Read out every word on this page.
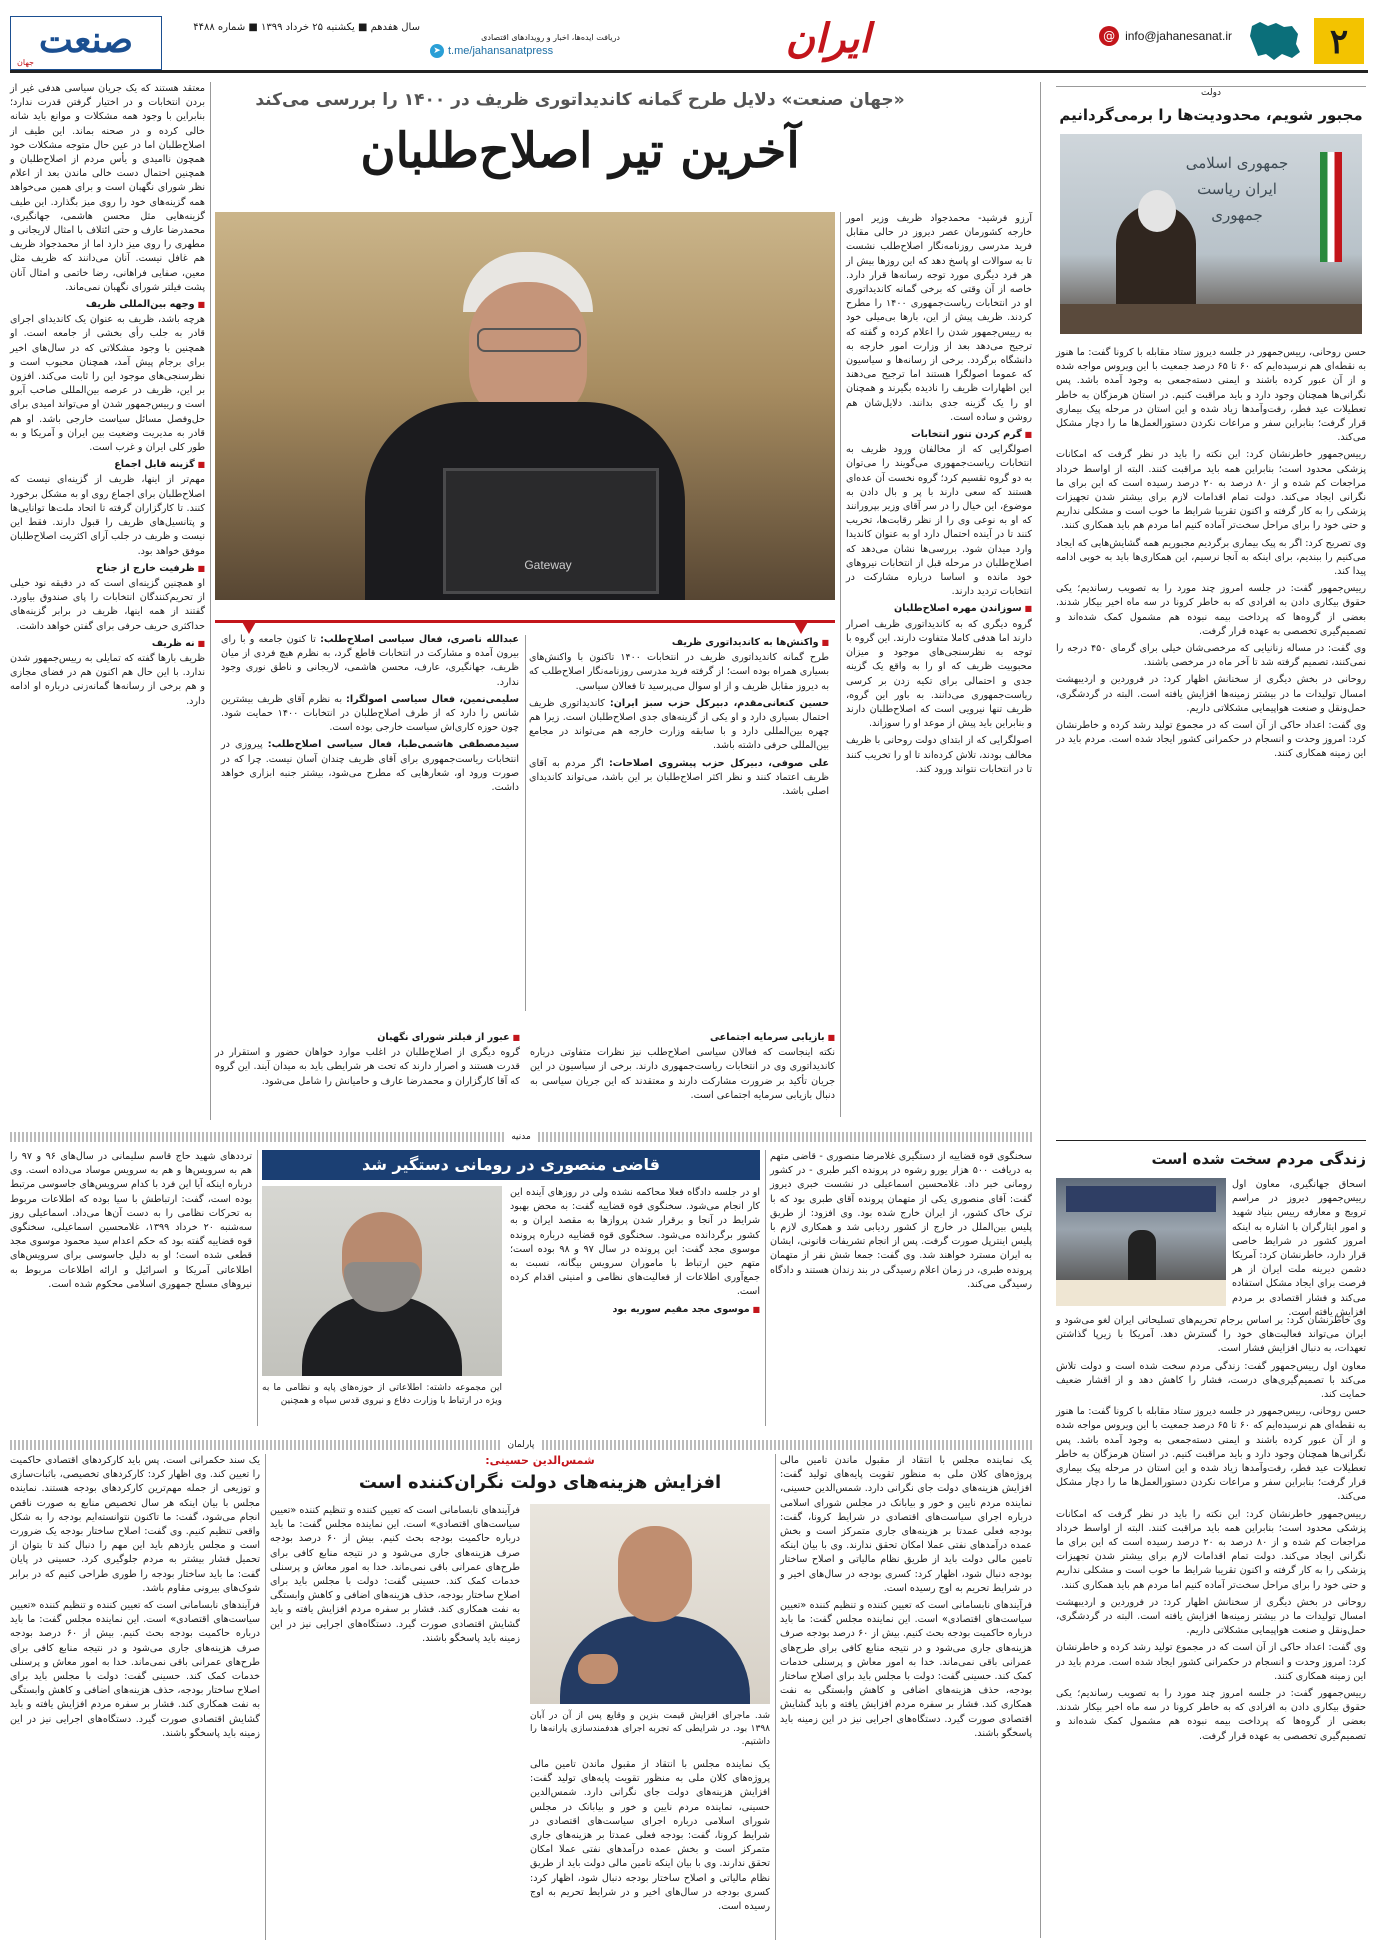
۲
@ info@jahanesanat.ir
ایران
دریافت ایده‌ها، اخبار و رویدادهای اقتصادی
➤ t.me/jahansanatpress
سال هفدهم ■ یکشنبه ۲۵ خرداد ۱۳۹۹ ■ شماره ۴۴۸۸
صنعت
جهان
دولت
مجبور شویم، محدودیت‌ها را برمی‌گردانیم
جمهوری اسلامی ایران ریاست جمهوری

حسن روحانی، رییس‌جمهور در جلسه دیروز ستاد مقابله با کرونا گفت: ما هنوز به نقطه‌ای هم نرسیده‌ایم که ۶۰ تا ۶۵ درصد جمعیت با این ویروس مواجه شده و از آن عبور کرده باشند و ایمنی دسته‌جمعی به وجود آمده باشد. پس نگرانی‌ها همچنان وجود دارد و باید مراقبت کنیم. در استان هرمزگان به خاطر تعطیلات عید فطر، رفت‌وآمدها زیاد شده و این استان در مرحله پیک بیماری قرار گرفت؛ بنابراین سفر و مراعات نکردن دستورالعمل‌ها ما را دچار مشکل می‌کند.

رییس‌جمهور خاطرنشان کرد: این نکته را باید در نظر گرفت که امکانات پزشکی محدود است؛ بنابراین همه باید مراقبت کنند. البته از اواسط خرداد مراجعات کم شده و از ۸۰ درصد به ۲۰ درصد رسیده است که این برای ما نگرانی ایجاد می‌کند. دولت تمام اقدامات لازم برای بیشتر شدن تجهیزات پزشکی را به کار گرفته و اکنون تقریبا شرایط ما خوب است و مشکلی نداریم و حتی خود را برای مراحل سخت‌تر آماده کنیم اما مردم هم باید همکاری کنند.

وی تصریح کرد: اگر به پیک بیماری برگردیم مجبوریم همه گشایش‌هایی که ایجاد می‌کنیم را ببندیم، برای اینکه به آنجا نرسیم، این همکاری‌ها باید به خوبی ادامه پیدا کند.

رییس‌جمهور گفت: در جلسه امروز چند مورد را به تصویب رساندیم؛ یکی حقوق بیکاری دادن به افرادی که به خاطر کرونا در سه ماه اخیر بیکار شدند. بعضی از گروه‌ها که پرداخت بیمه نبوده هم مشمول کمک شده‌اند و تصمیم‌گیری تخصصی به عهده قرار گرفت.

وی گفت: در مساله زنانیایی که مرخصی‌شان خیلی برای گرمای ۴۵۰ درجه را نمی‌کنند، تصمیم گرفته شد تا آخر ماه در مرخصی باشند.

روحانی در بخش دیگری از سخنانش اظهار کرد: در فروردین و اردیبهشت امسال تولیدات ما در بیشتر زمینه‌ها افزایش یافته است. البته در گردشگری، حمل‌ونقل و صنعت هواپیمایی مشکلاتی داریم.

وی گفت: اعداد حاکی از آن است که در مجموع تولید رشد کرده و خاطرنشان کرد: امروز وحدت و انسجام در حکمرانی کشور ایجاد شده است. مردم باید در این زمینه همکاری کنند.

زندگی مردم سخت شده است

اسحاق جهانگیری، معاون اول رییس‌جمهور دیروز در مراسم ترویج و معارفه رییس بنیاد شهید و امور ایثارگران با اشاره به اینکه امروز کشور در شرایط خاصی قرار دارد، خاطرنشان کرد: آمریکا دشمن دیرینه ملت ایران از هر فرصت برای ایجاد مشکل استفاده می‌کند و فشار اقتصادی بر مردم افزایش یافته است.

وی خاطرنشان کرد: بر اساس برجام تحریم‌های تسلیحاتی ایران لغو می‌شود و ایران می‌تواند فعالیت‌های خود را گسترش دهد. آمریکا با زیرپا گذاشتن تعهدات، به دنبال افزایش فشار است.

معاون اول رییس‌جمهور گفت: زندگی مردم سخت شده است و دولت تلاش می‌کند با تصمیم‌گیری‌های درست، فشار را کاهش دهد و از اقشار ضعیف حمایت کند.

حسن روحانی، رییس‌جمهور در جلسه دیروز ستاد مقابله با کرونا گفت: ما هنوز به نقطه‌ای هم نرسیده‌ایم که ۶۰ تا ۶۵ درصد جمعیت با این ویروس مواجه شده و از آن عبور کرده باشند و ایمنی دسته‌جمعی به وجود آمده باشد. پس نگرانی‌ها همچنان وجود دارد و باید مراقبت کنیم. در استان هرمزگان به خاطر تعطیلات عید فطر، رفت‌وآمدها زیاد شده و این استان در مرحله پیک بیماری قرار گرفت؛ بنابراین سفر و مراعات نکردن دستورالعمل‌ها ما را دچار مشکل می‌کند.

رییس‌جمهور خاطرنشان کرد: این نکته را باید در نظر گرفت که امکانات پزشکی محدود است؛ بنابراین همه باید مراقبت کنند. البته از اواسط خرداد مراجعات کم شده و از ۸۰ درصد به ۲۰ درصد رسیده است که این برای ما نگرانی ایجاد می‌کند. دولت تمام اقدامات لازم برای بیشتر شدن تجهیزات پزشکی را به کار گرفته و اکنون تقریبا شرایط ما خوب است و مشکلی نداریم و حتی خود را برای مراحل سخت‌تر آماده کنیم اما مردم هم باید همکاری کنند.

روحانی در بخش دیگری از سخنانش اظهار کرد: در فروردین و اردیبهشت امسال تولیدات ما در بیشتر زمینه‌ها افزایش یافته است. البته در گردشگری، حمل‌ونقل و صنعت هواپیمایی مشکلاتی داریم.

وی گفت: اعداد حاکی از آن است که در مجموع تولید رشد کرده و خاطرنشان کرد: امروز وحدت و انسجام در حکمرانی کشور ایجاد شده است. مردم باید در این زمینه همکاری کنند.

رییس‌جمهور گفت: در جلسه امروز چند مورد را به تصویب رساندیم؛ یکی حقوق بیکاری دادن به افرادی که به خاطر کرونا در سه ماه اخیر بیکار شدند. بعضی از گروه‌ها که پرداخت بیمه نبوده هم مشمول کمک شده‌اند و تصمیم‌گیری تخصصی به عهده قرار گرفت.

«جهان صنعت» دلایل طرح گمانه کاندیداتوری ظریف در ۱۴۰۰ را بررسی می‌کند
آخرین تیر اصلاح‌طلبان
Gateway

آرزو فرشید- محمدجواد ظریف وزیر امور خارجه کشورمان عصر دیروز در حالی مقابل فرید مدرسی روزنامه‌نگار اصلاح‌طلب نشست تا به سوالات او پاسخ دهد که این روزها بیش از هر فرد دیگری مورد توجه رسانه‌ها قرار دارد. خاصه از آن وقتی که برخی گمانه کاندیداتوری او در انتخابات ریاست‌جمهوری ۱۴۰۰ را مطرح کردند. ظریف پیش از این، بارها بی‌میلی خود به رییس‌جمهور شدن را اعلام کرده و گفته که ترجیح می‌دهد بعد از وزارت امور خارجه به دانشگاه برگردد. برخی از رسانه‌ها و سیاسیون که عموما اصولگرا هستند اما ترجیح می‌دهند این اظهارات ظریف را نادیده بگیرند و همچنان او را یک گزینه جدی بدانند. دلایل‌شان هم روشن و ساده است.

■ گرم کردن تنور انتخابات

اصولگرایی که از مخالفان ورود ظریف به انتخابات ریاست‌جمهوری می‌گویند را می‌توان به دو گروه تقسیم کرد؛ گروه نخست آن عده‌ای هستند که سعی دارند با پر و بال دادن به موضوع، این خیال را در سر آقای وزیر بپرورانند که او به نوعی وی را از نظر رقابت‌ها، تخریب کنند تا در آینده احتمال دارد او به عنوان کاندیدا وارد میدان شود. بررسی‌ها نشان می‌دهد که اصلاح‌طلبان در مرحله قبل از انتخابات نیروهای خود مانده و اساسا درباره مشارکت در انتخابات تردید دارند.

■ سوزاندن مهره اصلاح‌طلبان

گروه دیگری که به کاندیداتوری ظریف اصرار دارند اما هدفی کاملا متفاوت دارند. این گروه با توجه به نظرسنجی‌های موجود و میزان محبوبیت ظریف که او را به واقع یک گزینه جدی و احتمالی برای تکیه زدن بر کرسی ریاست‌جمهوری می‌دانند. به باور این گروه، ظریف تنها نیرویی است که اصلاح‌طلبان دارند و بنابراین باید پیش از موعد او را سوزاند.

اصولگرایی که از ابتدای دولت روحانی با ظریف مخالف بودند، تلاش کرده‌اند تا او را تخریب کنند تا در انتخابات نتواند ورود کند.

معتقد هستند که یک جریان سیاسی هدفی غیر از بردن انتخابات و در اختیار گرفتن قدرت ندارد؛ بنابراین با وجود همه مشکلات و موانع باید شانه خالی کرده و در صحنه بماند. این طیف از اصلاح‌طلبان اما در عین حال متوجه مشکلات خود همچون ناامیدی و یأس مردم از اصلاح‌طلبان و همچنین احتمال دست خالی ماندن بعد از اعلام نظر شورای نگهبان است و برای همین می‌خواهد همه گزینه‌های خود را روی میز بگذارد. این طیف گزینه‌هایی مثل محسن هاشمی، جهانگیری، محمدرضا عارف و حتی ائتلاف با امثال لاریجانی و مطهری را روی میز دارد اما از محمدجواد ظریف هم غافل نیست. آنان می‌دانند که ظریف مثل معین، صفایی فراهانی، رضا خاتمی و امثال آنان پشت فیلتر شورای نگهبان نمی‌ماند.

■ وجهه بین‌المللی ظریف

هرچه باشد، ظریف به عنوان یک کاندیدای اجرای قادر به جلب رأی بخشی از جامعه است. او همچنین با وجود مشکلاتی که در سال‌های اخیر برای برجام پیش آمد، همچنان محبوب است و نظرسنجی‌های موجود این را ثابت می‌کند. افزون بر این، ظریف در عرصه بین‌المللی صاحب آبرو است و رییس‌جمهور شدن او می‌تواند امیدی برای حل‌وفصل مسائل سیاست خارجی باشد. او هم قادر به مدیریت وضعیت بین ایران و آمریکا و به طور کلی ایران و غرب است.

■ گزینه قابل اجماع

مهم‌تر از اینها، ظریف از گزینه‌ای نیست که اصلاح‌طلبان برای اجماع روی او به مشکل برخورد کنند. تا کارگزاران گرفته تا اتحاد ملت‌ها توانایی‌ها و پتانسیل‌های ظریف را قبول دارند. فقط این نیست و ظریف در جلب آرای اکثریت اصلاح‌طلبان موفق خواهد بود.

■ ظرفیت خارج از جناح

او همچنین گزینه‌ای است که در دقیقه نود خیلی از تحریم‌کنندگان انتخابات را پای صندوق بیاورد. گفتند از همه اینها، ظریف در برابر گزینه‌های حداکثری حریف حرفی برای گفتن خواهد داشت.

■ نه ظریف

ظریف بارها گفته که تمایلی به رییس‌جمهور شدن ندارد. با این حال هم اکنون هم در فضای مجازی و هم برخی از رسانه‌ها گمانه‌زنی درباره او ادامه دارد.

■ واکنش‌ها به کاندیداتوری ظریف

طرح گمانه کاندیداتوری ظریف در انتخابات ۱۴۰۰ تاکنون با واکنش‌های بسیاری همراه بوده است؛ از گرفته فرید مدرسی روزنامه‌نگار اصلاح‌طلب که به دیروز مقابل ظریف و از او سوال می‌پرسید تا فعالان سیاسی.

حسین کنعانی‌مقدم، دبیرکل حزب سبز ایران: کاندیداتوری ظریف احتمال بسیاری دارد و او یکی از گزینه‌های جدی اصلاح‌طلبان است. زیرا هم چهره بین‌المللی دارد و با سابقه وزارت خارجه هم می‌تواند در مجامع بین‌المللی حرفی داشته باشد.

علی صوفی، دبیرکل حزب پیشروی اصلاحات: اگر مردم به آقای ظریف اعتماد کنند و نظر اکثر اصلاح‌طلبان بر این باشد، می‌تواند کاندیدای اصلی باشد.

عبدالله ناصری، فعال سیاسی اصلاح‌طلب: تا کنون جامعه و با رای بیرون آمده و مشارکت در انتخابات قاطع گرد، به نظرم هیچ فردی از میان ظریف، جهانگیری، عارف، محسن هاشمی، لاریجانی و ناطق نوری وجود ندارد.

سلیمی‌نمین، فعال سیاسی اصولگرا: به نظرم آقای ظریف بیشترین شانس را دارد که از طرف اصلاح‌طلبان در انتخابات ۱۴۰۰ حمایت شود. چون حوزه کاری‌اش سیاست خارجی بوده است.

سیدمصطفی هاشمی‌طبا، فعال سیاسی اصلاح‌طلب: پیروزی در انتخابات ریاست‌جمهوری برای آقای ظریف چندان آسان نیست. چرا که در صورت ورود او، شعارهایی که مطرح می‌شود، بیشتر جنبه ابزاری خواهد داشت.

■ بازیابی سرمایه اجتماعی

نکته اینجاست که فعالان سیاسی اصلاح‌طلب نیز نظرات متفاوتی درباره کاندیداتوری وی در انتخابات ریاست‌جمهوری دارند. برخی از سیاسیون در این جریان تأکید بر ضرورت مشارکت دارند و معتقدند که این جریان سیاسی به دنبال بازیابی سرمایه اجتماعی است.

■ عبور از فیلتر شورای نگهبان

گروه دیگری از اصلاح‌طلبان در اغلب موارد خواهان حضور و استقرار در قدرت هستند و اصرار دارند که تحت هر شرایطی باید به میدان آیند. این گروه که آقا کارگزاران و محمدرضا عارف و حامیانش را شامل می‌شود.

مدنیه
قاضی منصوری در رومانی دستگیر شد
این مجموعه داشته: اطلاعاتی از حوزه‌های پایه و نظامی ما به ویژه در ارتباط با وزارت دفاع و نیروی قدس سپاه و همچنین

او در جلسه دادگاه فعلا محاکمه نشده ولی در روزهای آینده این کار انجام می‌شود. سخنگوی قوه قضاییه گفت: به محض بهبود شرایط در آنجا و برقرار شدن پروازها به مقصد ایران و به کشور برگردانده می‌شود. سخنگوی قوه قضاییه درباره پرونده موسوی مجد گفت: این پرونده در سال ۹۷ و ۹۸ بوده است؛ متهم حین ارتباط با ماموران سرویس بیگانه، نسبت به جمع‌آوری اطلاعات از فعالیت‌های نظامی و امنیتی اقدام کرده است.

■ موسوی مجد مقیم سوریه بود

سخنگوی قوه قضاییه از دستگیری غلامرضا منصوری - قاضی متهم به دریافت ۵۰۰ هزار یورو رشوه در پرونده اکبر طبری - در کشور رومانی خبر داد. غلامحسین اسماعیلی در نشست خبری دیروز گفت: آقای منصوری یکی از متهمان پرونده آقای طبری بود که با ترک خاک کشور، از ایران خارج شده بود. وی افزود: از طریق پلیس بین‌الملل در خارج از کشور ردیابی شد و همکاری لازم با پلیس اینترپل صورت گرفت. پس از انجام تشریفات قانونی، ایشان به ایران مسترد خواهند شد. وی گفت: جمعا شش نفر از متهمان پرونده طبری، در زمان اعلام رسیدگی در بند زندان هستند و دادگاه رسیدگی می‌کند.

ترددهای شهید حاج قاسم سلیمانی در سال‌های ۹۶ و ۹۷ را هم به سرویس‌ها و هم به سرویس موساد می‌داده است. وی درباره اینکه آیا این فرد با کدام سرویس‌های جاسوسی مرتبط بوده است، گفت: ارتباطش با سیا بوده که اطلاعات مربوط به تحرکات نظامی را به دست آن‌ها می‌داد. اسماعیلی روز سه‌شنبه ۲۰ خرداد ۱۳۹۹، غلامحسین اسماعیلی، سخنگوی قوه قضاییه گفته بود که حکم اعدام سید محمود موسوی مجد قطعی شده است؛ او به دلیل جاسوسی برای سرویس‌های اطلاعاتی آمریکا و اسرائیل و ارائه اطلاعات مربوط به نیروهای مسلح جمهوری اسلامی محکوم شده است.

پارلمان
شمس‌الدین حسینی:
افزایش هزینه‌های دولت نگران‌کننده است
شد. ماجرای افزایش قیمت بنزین و وقایع پس از آن در آبان ۱۳۹۸ بود. در شرایطی که تجربه اجرای هدفمندسازی یارانه‌ها را داشتیم.

یک نماینده مجلس با انتقاد از مقبول ماندن تامین مالی پروژه‌های کلان ملی به منظور تقویت پایه‌های تولید گفت: افزایش هزینه‌های دولت جای نگرانی دارد. شمس‌الدین حسینی، نماینده مردم نایین و خور و بیابانک در مجلس شورای اسلامی درباره اجرای سیاست‌های اقتصادی در شرایط کرونا، گفت: بودجه فعلی عمدتا بر هزینه‌های جاری متمرکز است و بخش عمده درآمدهای نفتی عملا امکان تحقق ندارند. وی با بیان اینکه تامین مالی دولت باید از طریق نظام مالیاتی و اصلاح ساختار بودجه دنبال شود، اظهار کرد: کسری بودجه در سال‌های اخیر و در شرایط تحریم به اوج رسیده است.

فرآیندهای نابسامانی است که تعیین کننده و تنظیم کننده «تعیین سیاست‌های اقتصادی» است. این نماینده مجلس گفت: ما باید درباره حاکمیت بودجه بحث کنیم. بیش از ۶۰ درصد بودجه صرف هزینه‌های جاری می‌شود و در نتیجه منابع کافی برای طرح‌های عمرانی باقی نمی‌ماند. خدا به امور معاش و پرسنلی خدمات کمک کند. حسینی گفت: دولت با مجلس باید برای اصلاح ساختار بودجه، حذف هزینه‌های اضافی و کاهش وابستگی به نفت همکاری کند. فشار بر سفره مردم افزایش یافته و باید گشایش اقتصادی صورت گیرد. دستگاه‌های اجرایی نیز در این زمینه باید پاسخگو باشند.

فرآیندهای نابسامانی است که تعیین کننده و تنظیم کننده «تعیین سیاست‌های اقتصادی» است. این نماینده مجلس گفت: ما باید درباره حاکمیت بودجه بحث کنیم. بیش از ۶۰ درصد بودجه صرف هزینه‌های جاری می‌شود و در نتیجه منابع کافی برای طرح‌های عمرانی باقی نمی‌ماند. خدا به امور معاش و پرسنلی خدمات کمک کند. حسینی گفت: دولت با مجلس باید برای اصلاح ساختار بودجه، حذف هزینه‌های اضافی و کاهش وابستگی به نفت همکاری کند. فشار بر سفره مردم افزایش یافته و باید گشایش اقتصادی صورت گیرد. دستگاه‌های اجرایی نیز در این زمینه باید پاسخگو باشند.

یک نماینده مجلس با انتقاد از مقبول ماندن تامین مالی پروژه‌های کلان ملی به منظور تقویت پایه‌های تولید گفت: افزایش هزینه‌های دولت جای نگرانی دارد. شمس‌الدین حسینی، نماینده مردم نایین و خور و بیابانک در مجلس شورای اسلامی درباره اجرای سیاست‌های اقتصادی در شرایط کرونا، گفت: بودجه فعلی عمدتا بر هزینه‌های جاری متمرکز است و بخش عمده درآمدهای نفتی عملا امکان تحقق ندارند. وی با بیان اینکه تامین مالی دولت باید از طریق نظام مالیاتی و اصلاح ساختار بودجه دنبال شود، اظهار کرد: کسری بودجه در سال‌های اخیر و در شرایط تحریم به اوج رسیده است.

یک سند حکمرانی است. پس باید کارکردهای اقتصادی حاکمیت را تعیین کند. وی اظهار کرد: کارکردهای تخصیصی، باثبات‌سازی و توزیعی از جمله مهم‌ترین کارکردهای بودجه هستند. نماینده مجلس با بیان اینکه هر سال تخصیص منابع به صورت ناقص انجام می‌شود، گفت: ما تاکنون نتوانسته‌ایم بودجه را به شکل واقعی تنظیم کنیم. وی گفت: اصلاح ساختار بودجه یک ضرورت است و مجلس یازدهم باید این مهم را دنبال کند تا بتوان از تحمیل فشار بیشتر به مردم جلوگیری کرد. حسینی در پایان گفت: ما باید ساختار بودجه را طوری طراحی کنیم که در برابر شوک‌های بیرونی مقاوم باشد.

فرآیندهای نابسامانی است که تعیین کننده و تنظیم کننده «تعیین سیاست‌های اقتصادی» است. این نماینده مجلس گفت: ما باید درباره حاکمیت بودجه بحث کنیم. بیش از ۶۰ درصد بودجه صرف هزینه‌های جاری می‌شود و در نتیجه منابع کافی برای طرح‌های عمرانی باقی نمی‌ماند. خدا به امور معاش و پرسنلی خدمات کمک کند. حسینی گفت: دولت با مجلس باید برای اصلاح ساختار بودجه، حذف هزینه‌های اضافی و کاهش وابستگی به نفت همکاری کند. فشار بر سفره مردم افزایش یافته و باید گشایش اقتصادی صورت گیرد. دستگاه‌های اجرایی نیز در این زمینه باید پاسخگو باشند.
